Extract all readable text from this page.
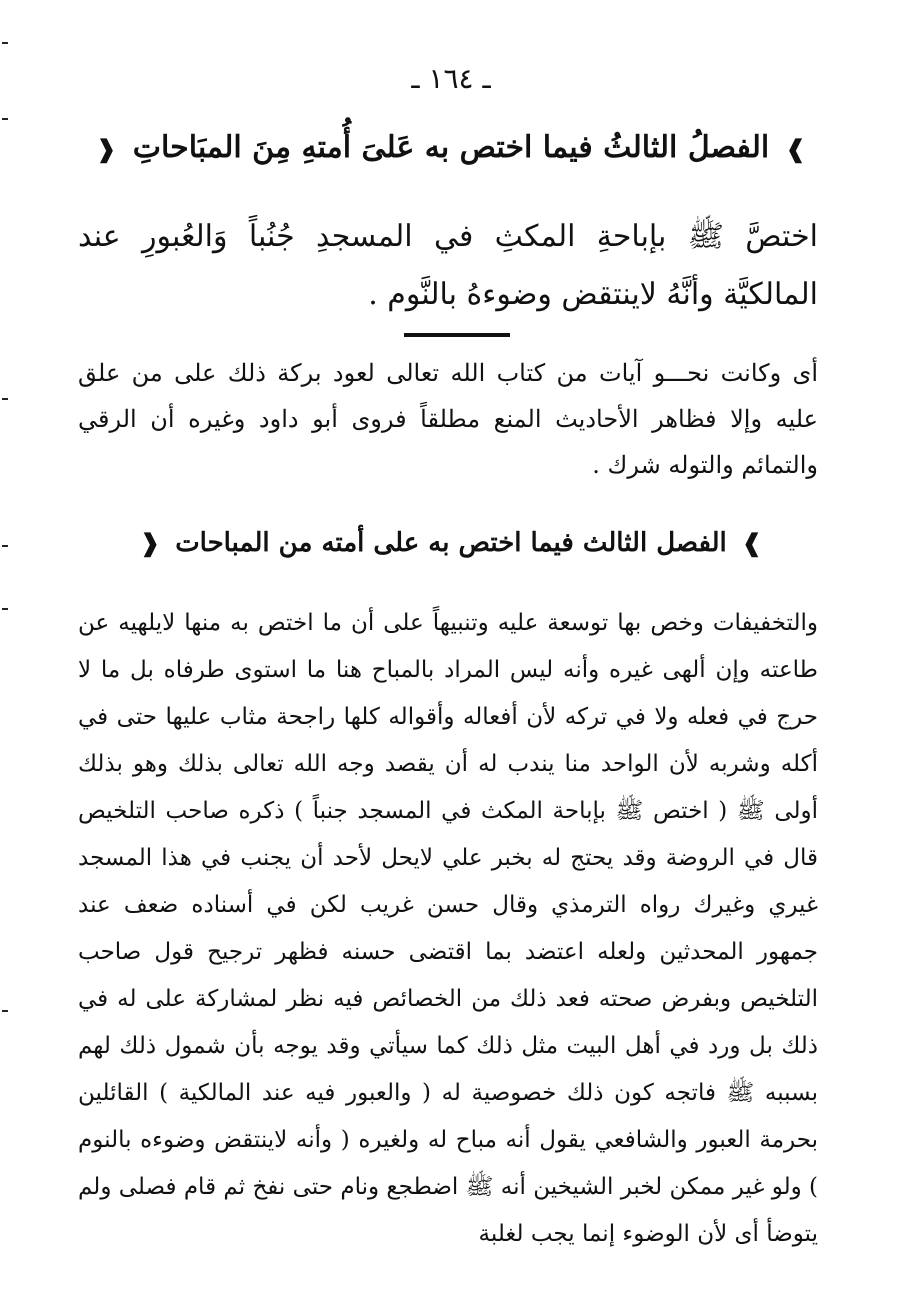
ـ ١٦٤ ـ
❱ الفصلُ الثالثُ فيما اختص به عَلىَ أُمتهِ مِنَ المبَاحاتِ ❰
اختصَّ ﷺ بإباحةِ المكثِ في المسجدِ جُنُباً وَالعُبورِ عند المالكيَّة وأنَّهُ لاينتقض وضوءهُ بالنَّوم .
أى وكانت نحـــو آيات من كتاب الله تعالى لعود بركة ذلك على من علق عليه وإلا فظاهر الأحاديث المنع مطلقاً فروى أبو داود وغيره أن الرقي والتمائم والتوله شرك .
❱ الفصل الثالث فيما اختص به على أمته من المباحات ❰
والتخفيفات وخص بها توسعة عليه وتنبيهاً على أن ما اختص به منها لايلهيه عن طاعته وإن ألهى غيره وأنه ليس المراد بالمباح هنا ما استوى طرفاه بل ما لا حرج في فعله ولا في تركه لأن أفعاله وأقواله كلها راجحة مثاب عليها حتى في أكله وشربه لأن الواحد منا يندب له أن يقصد وجه الله تعالى بذلك وهو بذلك أولى ﷺ ( اختص ﷺ بإباحة المكث في المسجد جنباً ) ذكره صاحب التلخيص قال في الروضة وقد يحتج له بخبر علي لايحل لأحد أن يجنب في هذا المسجد غيري وغيرك رواه الترمذي وقال حسن غريب لكن في أسناده ضعف عند جمهور المحدثين ولعله اعتضد بما اقتضى حسنه فظهر ترجيح قول صاحب التلخيص وبفرض صحته فعد ذلك من الخصائص فيه نظر لمشاركة على له في ذلك بل ورد في أهل البيت مثل ذلك كما سيأتي وقد يوجه بأن شمول ذلك لهم بسببه ﷺ فاتجه كون ذلك خصوصية له ( والعبور فيه عند المالكية ) القائلين بحرمة العبور والشافعي يقول أنه مباح له ولغيره ( وأنه لاينتقض وضوءه بالنوم ) ولو غير ممكن لخبر الشيخين أنه ﷺ اضطجع ونام حتى نفخ ثم قام فصلى ولم يتوضأ أى لأن الوضوء إنما يجب لغلبة
